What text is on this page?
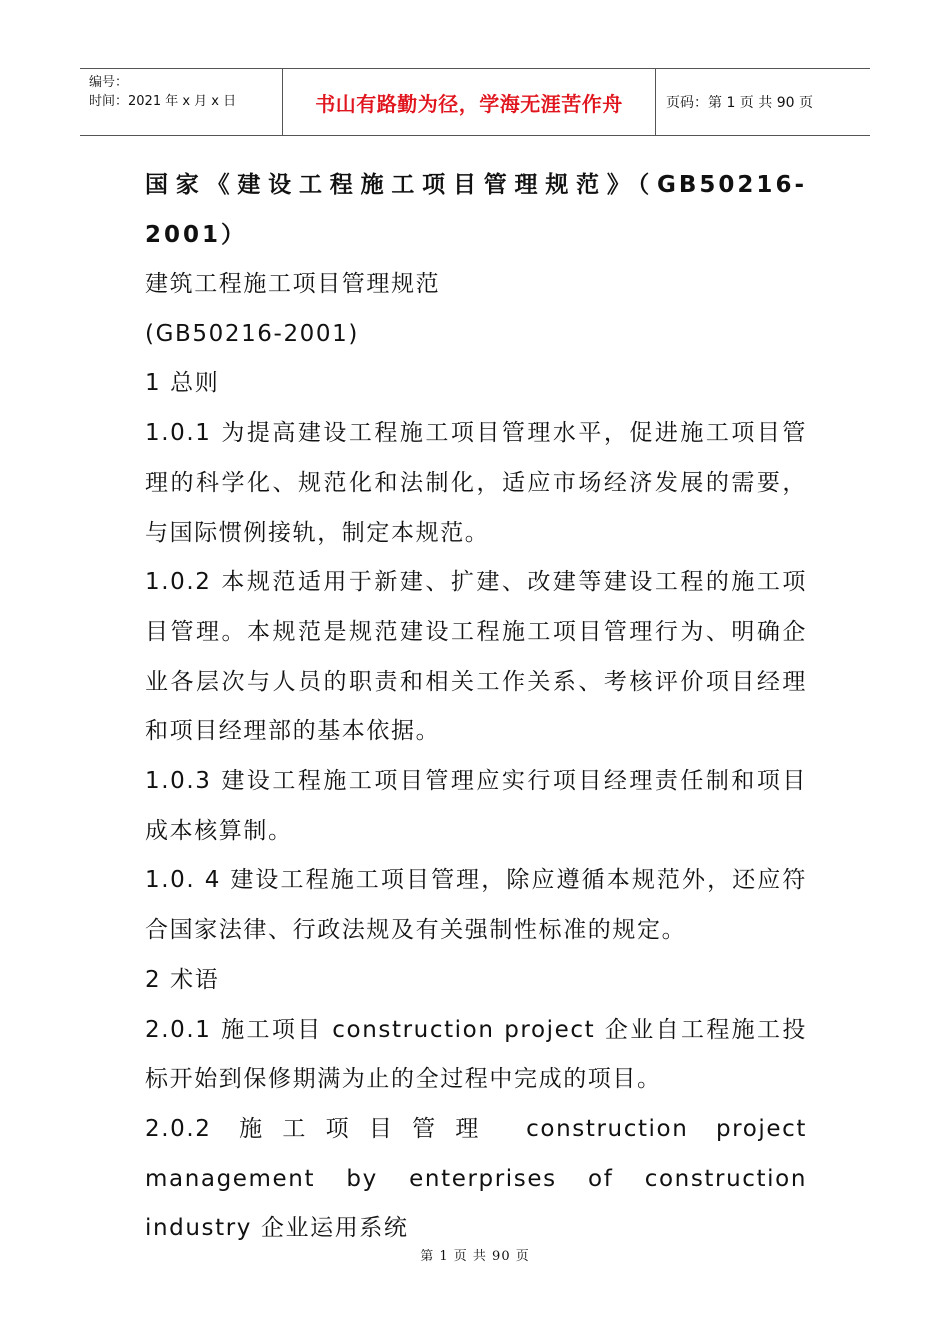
编号：
时间：2021 年 x 月 x 日	书山有路勤为径，学海无涯苦作舟	页码：第 1 页 共 90 页
国家《建设工程施工项目管理规范》（GB50216-2001）

建筑工程施工项目管理规范

(GB50216-2001)

1 总则

1.0.1 为提高建设工程施工项目管理水平，促进施工项目管理的科学化、规范化和法制化，适应市场经济发展的需要，与国际惯例接轨，制定本规范。

1.0.2 本规范适用于新建、扩建、改建等建设工程的施工项目管理。本规范是规范建设工程施工项目管理行为、明确企业各层次与人员的职责和相关工作关系、考核评价项目经理和项目经理部的基本依据。

1.0.3 建设工程施工项目管理应实行项目经理责任制和项目成本核算制。

1.0. 4 建设工程施工项目管理，除应遵循本规范外，还应符合国家法律、行政法规及有关强制性标准的规定。

2 术语

2.0.1 施工项目 construction project 企业自工程施工投标开始到保修期满为止的全过程中完成的项目。

2.0.2 施工项目管理 construction project management by enterprises of construction industry 企业运用系统

第 1 页 共 90 页
